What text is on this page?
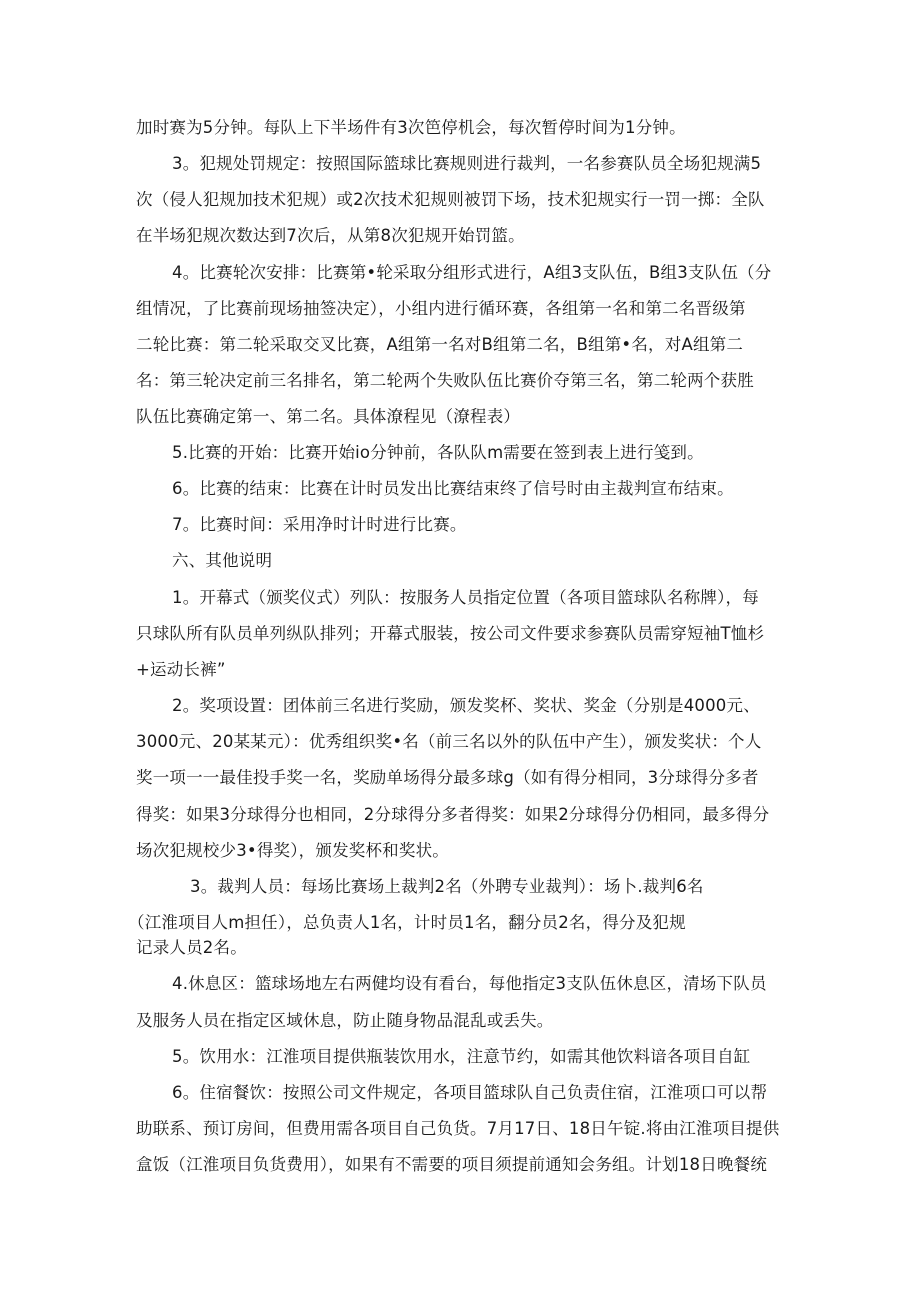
加时赛为5分钟。每队上下半场件有3次笆停机会，每次暂停时间为1分钟。
3。犯规处罚规定：按照国际篮球比赛规则进行裁判，一名参赛队员全场犯规满5
次（侵人犯规加技术犯规）或2次技术犯规则被罚下场，技术犯规实行一罚一掷：全队
在半场犯规次数达到7次后，从第8次犯规开始罚篮。
4。比赛轮次安排：比赛第•轮采取分组形式进行，A组3支队伍，B组3支队伍（分
组情况，了比赛前现场抽签决定），小组内进行循环赛，各组第一名和第二名晋级第
二轮比赛：第二轮采取交叉比赛，A组第一名对B组第二名，B组第•名，对A组第二
名：第三轮决定前三名排名，第二轮两个失败队伍比赛价夺第三名，第二轮两个获胜
队伍比赛确定第一、第二名。具体潦程见（潦程表）
5.比赛的开始：比赛开始io分钟前，各队队m需要在签到表上进行笺到。
6。比赛的结束：比赛在计时员发出比赛结束终了信号时由主裁判宣布结束。
7。比赛时间：采用净时计时进行比赛。
六、其他说明
1。开幕式（颁奖仪式）列队：按服务人员指定位置（各项目篮球队名称牌），每
只球队所有队员单列纵队排列；开幕式服装，按公司文件要求参赛队员需穿短袖T恤杉
+运动长裤”
2。奖项设置：团体前三名进行奖励，颁发奖杯、奖状、奖金（分别是4000元、
3000元、20某某元）：优秀组织奖•名（前三名以外的队伍中产生），颁发奖状：个人
奖一项一一最佳投手奖一名，奖励单场得分最多球g（如有得分相同，3分球得分多者
得奖：如果3分球得分也相同，2分球得分多者得奖：如果2分球得分仍相同，最多得分
场次犯规校少3•得奖），颁发奖杯和奖状。
3。裁判人员：每场比赛场上裁判2名（外聘专业裁判）：场卜.裁判6名
（江淮项目人m担任），总负责人1名，计时员1名，翻分员2名，得分及犯规
记录人员2名。
4.休息区：篮球场地左右两健均设有看台，每他指定3支队伍休息区，清场下队员
及服务人员在指定区域休息，防止随身物品混乱或丢失。
5。饮用水：江淮项目提供瓶装饮用水，注意节约，如需其他饮料谙各项目自缸
6。住宿餐饮：按照公司文件规定，各项目篮球队自己负责住宿，江淮项口可以帮
助联系、预订房间，但费用需各项目自己负货。7月17日、18日午锭.将由江淮项目提供
盒饭（江淮项目负货费用），如果有不需要的项目须提前通知会务组。计划18日晚餐统
